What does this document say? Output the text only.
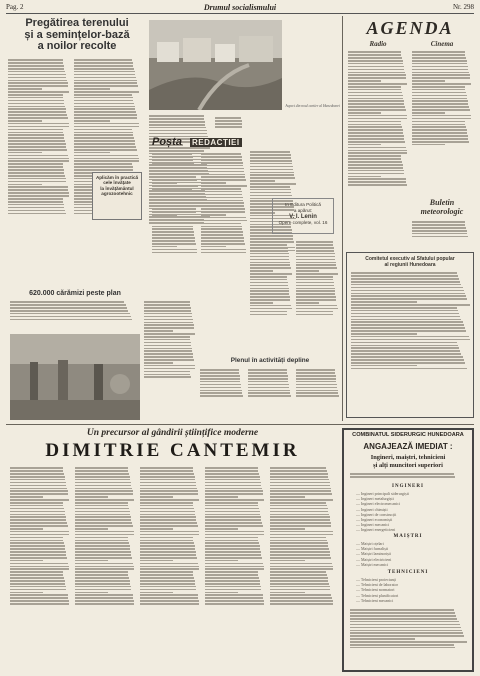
Pag. 2	Drumul socialismului	Nr. 298
Pregătirea terenului
și a semințelor-bază
a noilor recolte
Aspect din noul cartier al Hunedoarei
Aplicăm în practică
cele învățate
la învățământul
agrozootehnic
Poșta REDACȚIEI
620.000 cărămizi peste plan
In Editura Politică
a apărut:
V. I. Lenin
Opere complete, vol. 16
Plenul în activități depline
AGENDA
Radio	Cinema
Buletin
meteorologic
Comitetul executiv al Sfatului popular
al regiunii Hunedoara
Un precursor al gândirii științifice moderne
DIMITRIE CANTEMIR
COMBINATUL SIDERURGIC HUNEDOARA
ANGAJEAZĂ IMEDIAT :
Ingineri, maiștri, tehnicieni
și alți muncitori superiori
INGINERI
— Ingineri principali siderurgiști
— Ingineri metalurgiști
— Ingineri electromecanici
— Ingineri chimiști
— Ingineri de construcții
— Ingineri economiști
— Ingineri mecanici
— Ingineri energeticieni
MAIȘTRI
— Maiștri oțelari
— Maiștri furnaliști
— Maiștri laminoriști
— Maiștri electricieni
— Maiștri mecanici
TEHNICIENI
— Tehnicieni proiectanți
— Tehnicieni de laborator
— Tehnicieni normatori
— Tehnicieni planificatori
— Tehnicieni mecanici
